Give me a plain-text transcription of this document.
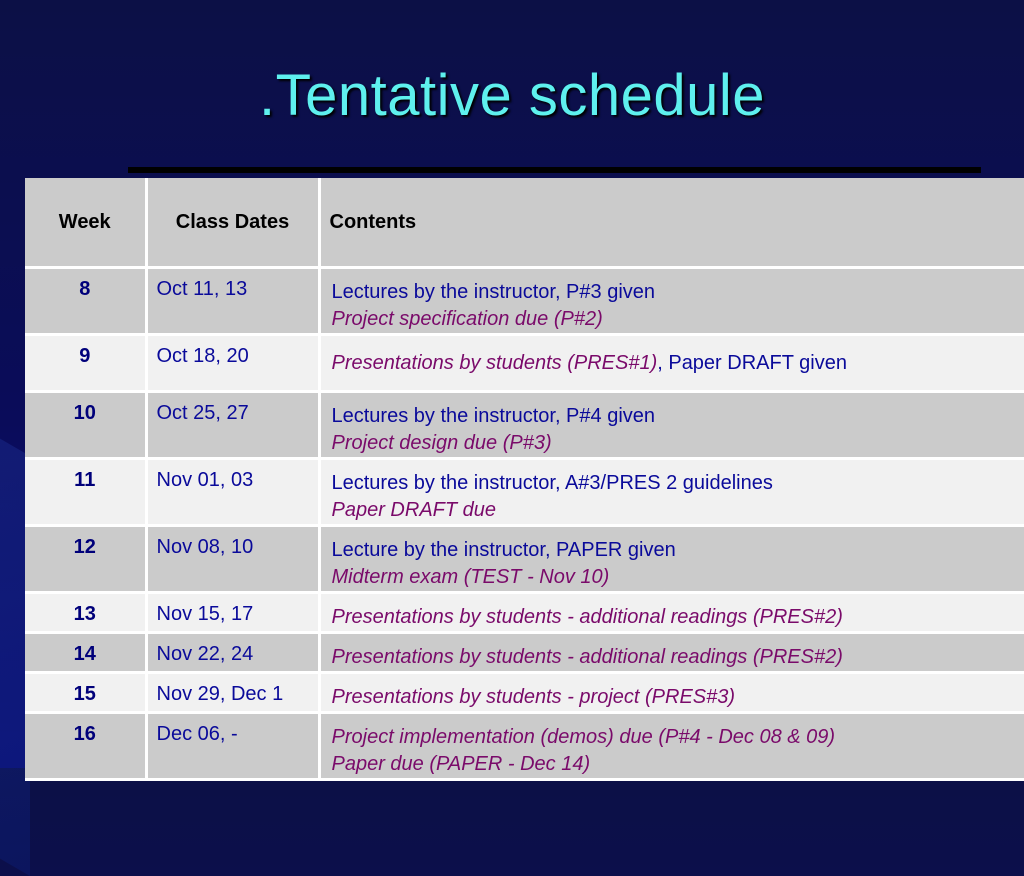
.Tentative schedule
Week	Class Dates	Contents
8	Oct 11, 13	Lectures by the instructor, P#3 given
Project specification due (P#2)

9	Oct 18, 20	Presentations by students (PRES#1), Paper DRAFT given
10	Oct 25, 27	Lectures by the instructor, P#4 given
Project design due (P#3)

11	Nov 01, 03	Lectures by the instructor, A#3/PRES 2 guidelines
Paper DRAFT due

12	Nov 08, 10	Lecture by the instructor, PAPER given
Midterm exam (TEST - Nov 10)

13	Nov 15, 17	Presentations by students - additional readings (PRES#2)

14	Nov 22, 24	Presentations by students - additional readings (PRES#2)

15	Nov 29, Dec 1	Presentations by students - project (PRES#3)

16	Dec 06, -	Project implementation (demos) due (P#4 - Dec 08 & 09)
Paper due (PAPER - Dec 14)
